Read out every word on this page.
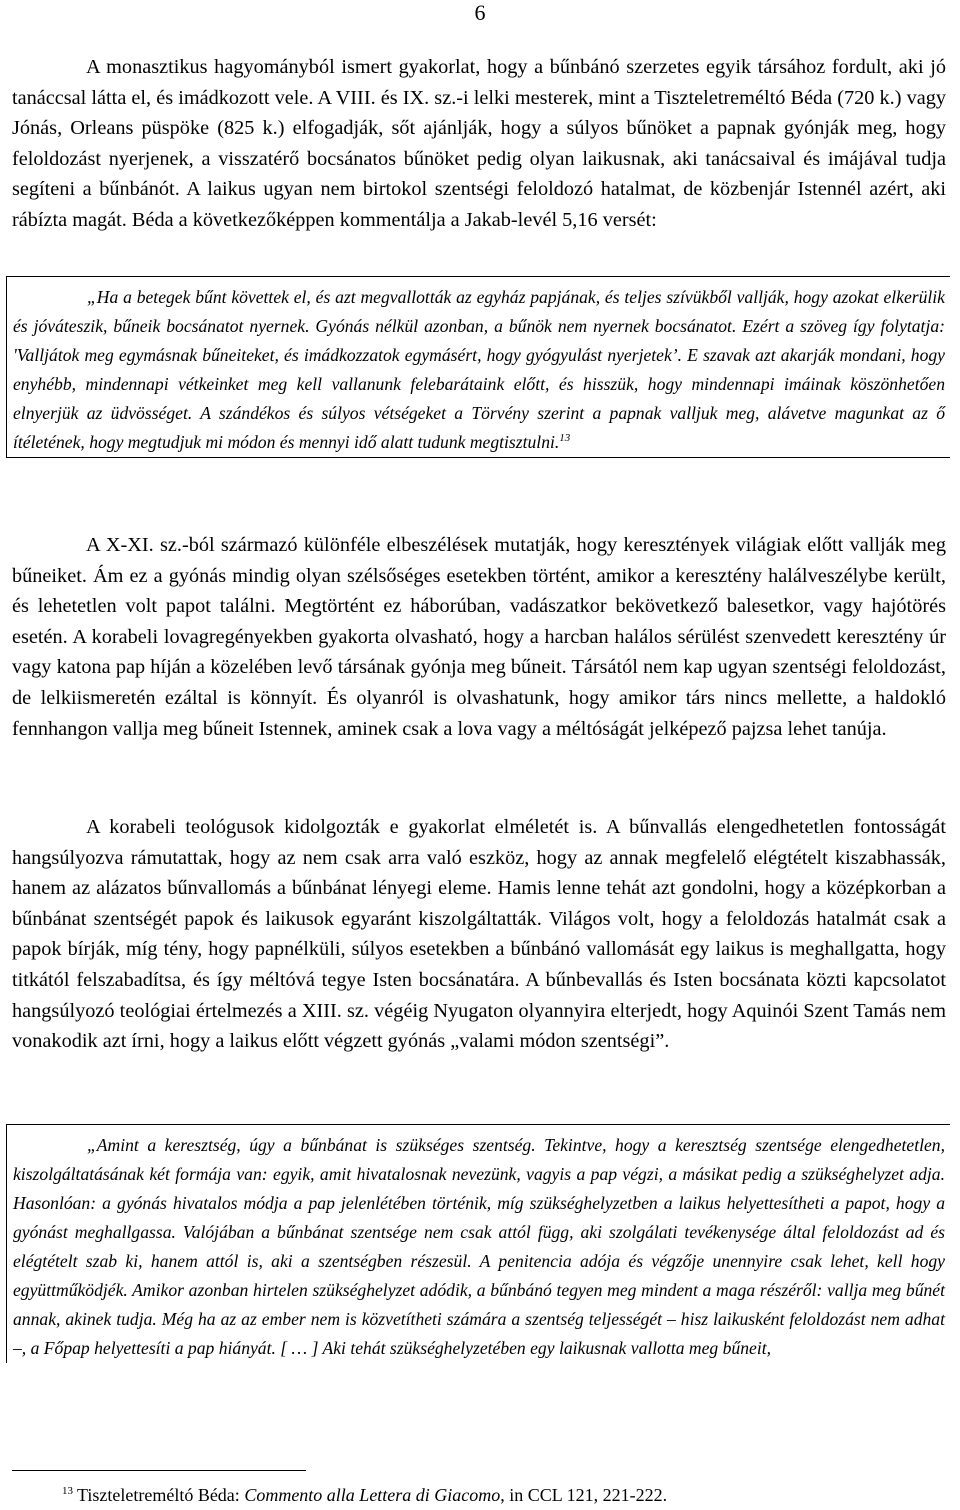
6

A monasztikus hagyományból ismert gyakorlat, hogy a bűnbánó szerzetes egyik társához fordult, aki jó tanáccsal látta el, és imádkozott vele. A VIII. és IX. sz.-i lelki mesterek, mint a Tiszteletreméltó Béda (720 k.) vagy Jónás, Orleans püspöke (825 k.) elfogadják, sőt ajánlják, hogy a súlyos bűnöket a papnak gyónják meg, hogy feloldozást nyerjenek, a visszatérő bocsánatos bűnöket pedig olyan laikusnak, aki tanácsaival és imájával tudja segíteni a bűnbánót. A laikus ugyan nem birtokol szentségi feloldozó hatalmat, de közbenjár Istennél azért, aki rábízta magát. Béda a következőképpen kommentálja a Jakab-levél 5,16 versét:

„Ha a betegek bűnt követtek el, és azt megvallották az egyház papjának, és teljes szívükből vallják, hogy azokat elkerülik és jóváteszik, bűneik bocsánatot nyernek. Gyónás nélkül azonban, a bűnök nem nyernek bocsánatot. Ezért a szöveg így folytatja: 'Valljátok meg egymásnak bűneiteket, és imádkozzatok egymásért, hogy gyógyulást nyerjetek’. E szavak azt akarják mondani, hogy enyhébb, mindennapi vétkeinket meg kell vallanunk felebarátaink előtt, és hisszük, hogy mindennapi imáinak köszönhetően elnyerjük az üdvösséget. A szándékos és súlyos vétségeket a Törvény szerint a papnak valljuk meg, alávetve magunkat az ő ítéletének, hogy megtudjuk mi módon és mennyi idő alatt tudunk megtisztulni.$^{13}$

A X-XI. sz.-ból származó különféle elbeszélések mutatják, hogy keresztények világiak előtt vallják meg bűneiket. Ám ez a gyónás mindig olyan szélsőséges esetekben történt, amikor a keresztény halálveszélybe került, és lehetetlen volt papot találni. Megtörtént ez háborúban, vadászatkor bekövetkező balesetkor, vagy hajótörés esetén. A korabeli lovagregényekben gyakorta olvasható, hogy a harcban halálos sérülést szenvedett keresztény úr vagy katona pap híján a közelében levő társának gyónja meg bűneit. Társától nem kap ugyan szentségi feloldozást, de lelkiismeretén ezáltal is könnyít. És olyanról is olvashatunk, hogy amikor társ nincs mellette, a haldokló fennhangon vallja meg bűneit Istennek, aminek csak a lova vagy a méltóságát jelképező pajzsa lehet tanúja.

A korabeli teológusok kidolgozták e gyakorlat elméletét is. A bűnvallás elengedhetetlen fontosságát hangsúlyozva rámutattak, hogy az nem csak arra való eszköz, hogy az annak megfelelő elégtételt kiszabhassák, hanem az alázatos bűnvallomás a bűnbánat lényegi eleme. Hamis lenne tehát azt gondolni, hogy a középkorban a bűnbánat szentségét papok és laikusok egyaránt kiszolgáltatták. Világos volt, hogy a feloldozás hatalmát csak a papok bírják, míg tény, hogy papnélküli, súlyos esetekben a bűnbánó vallomását egy laikus is meghallgatta, hogy titkától felszabadítsa, és így méltóvá tegye Isten bocsánatára. A bűnbevallás és Isten bocsánata közti kapcsolatot hangsúlyozó teológiai értelmezés a XIII. sz. végéig Nyugaton olyannyira elterjedt, hogy Aquinói Szent Tamás nem vonakodik azt írni, hogy a laikus előtt végzett gyónás „valami módon szentségi”.

„Amint a keresztség, úgy a bűnbánat is szükséges szentség. Tekintve, hogy a keresztség szentsége elengedhetetlen, kiszolgáltatásának két formája van: egyik, amit hivatalosnak nevezünk, vagyis a pap végzi, a másikat pedig a szükséghelyzet adja. Hasonlóan: a gyónás hivatalos módja a pap jelenlétében történik, míg szükséghelyzetben a laikus helyettesítheti a papot, hogy a gyónást meghallgassa. Valójában a bűnbánat szentsége nem csak attól függ, aki szolgálati tevékenysége által feloldozást ad és elégtételt szab ki, hanem attól is, aki a szentségben részesül. A penitencia adója és végzője unennyire csak lehet, kell hogy együttműködjék. Amikor azonban hirtelen szükséghelyzet adódik, a bűnbánó tegyen meg mindent a maga részéről: vallja meg bűnét annak, akinek tudja. Még ha az az ember nem is közvetítheti számára a szentség teljességét – hisz laikusként feloldozást nem adhat –, a Főpap helyettesíti a pap hiányát. [ … ] Aki tehát szükséghelyzetében egy laikusnak vallotta meg bűneit,

$^{13}$ Tiszteletreméltó Béda: Commento alla Lettera di Giacomo, in CCL 121, 221-222.
